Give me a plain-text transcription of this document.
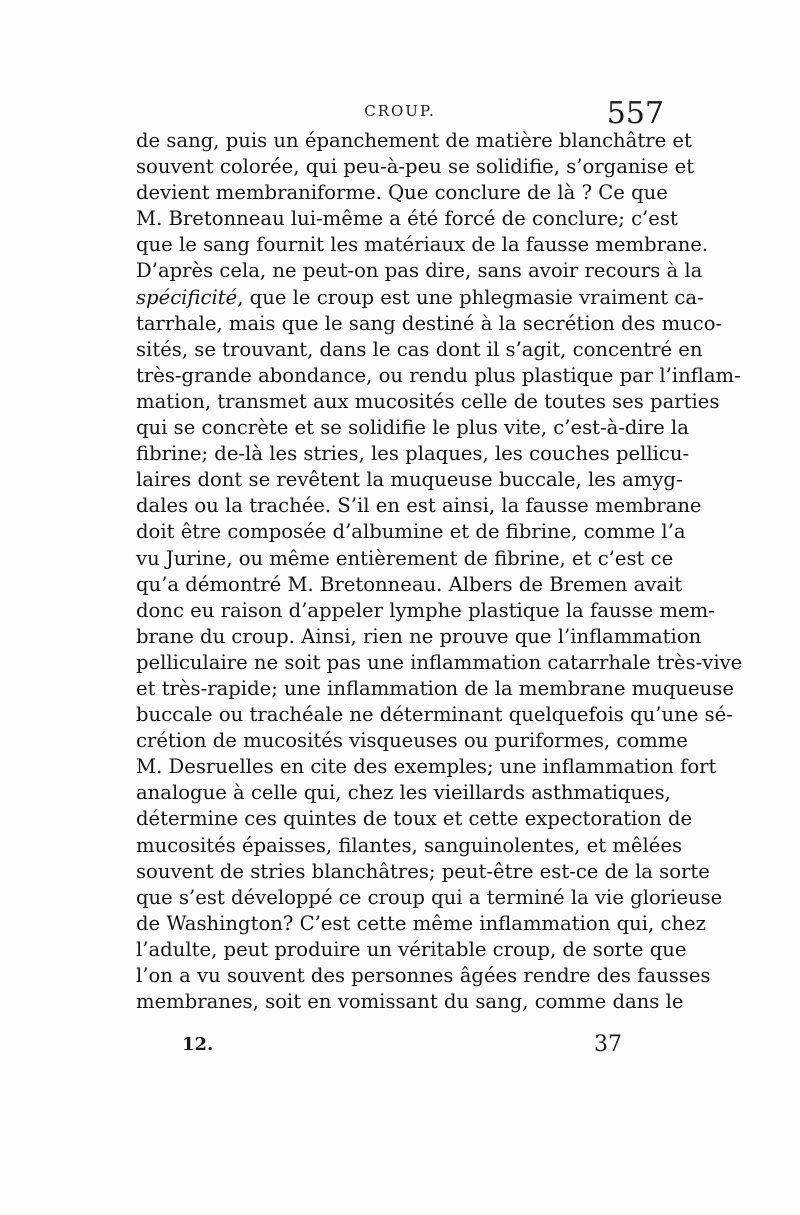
CROUP.	557
de sang, puis un épanchement de matière blanchâtre et
souvent colorée, qui peu-à-peu se solidifie, s’organise et
devient membraniforme. Que conclure de là ? Ce que
M. Bretonneau lui-même a été forcé de conclure; c’est
que le sang fournit les matériaux de la fausse membrane.
D’après cela, ne peut-on pas dire, sans avoir recours à la
spécificité, que le croup est une phlegmasie vraiment ca-
tarrhale, mais que le sang destiné à la secrétion des muco-
sités, se trouvant, dans le cas dont il s’agit, concentré en
très-grande abondance, ou rendu plus plastique par l’inflam-
mation, transmet aux mucosités celle de toutes ses parties
qui se concrète et se solidifie le plus vite, c’est-à-dire la
fibrine; de-là les stries, les plaques, les couches pellicu-
laires dont se revêtent la muqueuse buccale, les amyg-
dales ou la trachée. S’il en est ainsi, la fausse membrane
doit être composée d’albumine et de fibrine, comme l’a
vu Jurine, ou même entièrement de fibrine, et c’est ce
qu’a démontré M. Bretonneau. Albers de Bremen avait
donc eu raison d’appeler lymphe plastique la fausse mem-
brane du croup. Ainsi, rien ne prouve que l’inflammation
pelliculaire ne soit pas une inflammation catarrhale très-vive
et très-rapide; une inflammation de la membrane muqueuse
buccale ou trachéale ne déterminant quelquefois qu’une sé-
crétion de mucosités visqueuses ou puriformes, comme
M. Desruelles en cite des exemples; une inflammation fort
analogue à celle qui, chez les vieillards asthmatiques,
détermine ces quintes de toux et cette expectoration de
mucosités épaisses, filantes, sanguinolentes, et mêlées
souvent de stries blanchâtres; peut-être est-ce de la sorte
que s’est développé ce croup qui a terminé la vie glorieuse
de Washington? C’est cette même inflammation qui, chez
l’adulte, peut produire un véritable croup, de sorte que
l’on a vu souvent des personnes âgées rendre des fausses
membranes, soit en vomissant du sang, comme dans le
12.	37
